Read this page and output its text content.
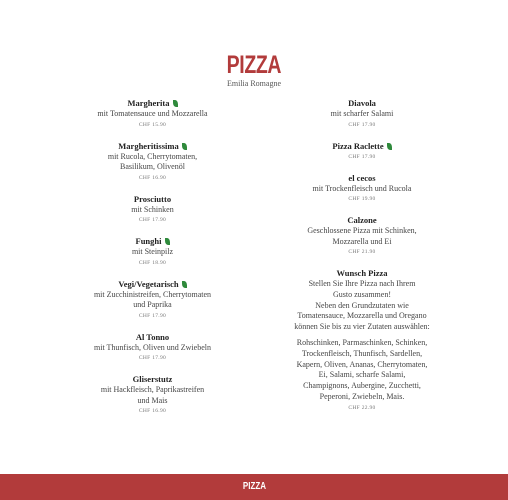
PIZZA
Emilia Romagne
Margherita
mit Tomatensauce und Mozzarella
CHF 15.90
Margheritissima
mit Rucola, Cherrytomaten,
Basilikum, Olivenöl
CHF 16.90
Prosciutto
mit Schinken
CHF 17.90
Funghi
mit Steinpilz
CHF 18.90
Vegi/Vegetarisch
mit Zucchinistreifen, Cherrytomaten
und Paprika
CHF 17.90
Al Tonno
mit Thunfisch, Oliven und Zwiebeln
CHF 17.90
Gliserstutz
mit Hackfleisch, Paprikastreifen
und Mais
CHF 16.90
Diavola
mit scharfer Salami
CHF 17.90
Pizza Raclette
CHF 17.90
el cecos
mit Trockenfleisch und Rucola
CHF 19.90
Calzone
Geschlossene Pizza mit Schinken,
Mozzarella und Ei
CHF 21.90
Wunsch Pizza
Stellen Sie Ihre Pizza nach Ihrem
Gusto zusammen!
Neben den Grundzutaten wie
Tomatensauce, Mozzarella und Oregano
können Sie bis zu vier Zutaten auswählen:
Rohschinken, Parmaschinken, Schinken,
Trockenfleisch, Thunfisch, Sardellen,
Kapern, Oliven, Ananas, Cherrytomaten,
Ei, Salami, scharfe Salami,
Champignons, Aubergine, Zucchetti,
Peperoni, Zwiebeln, Mais.
CHF 22.90
PIZZA
